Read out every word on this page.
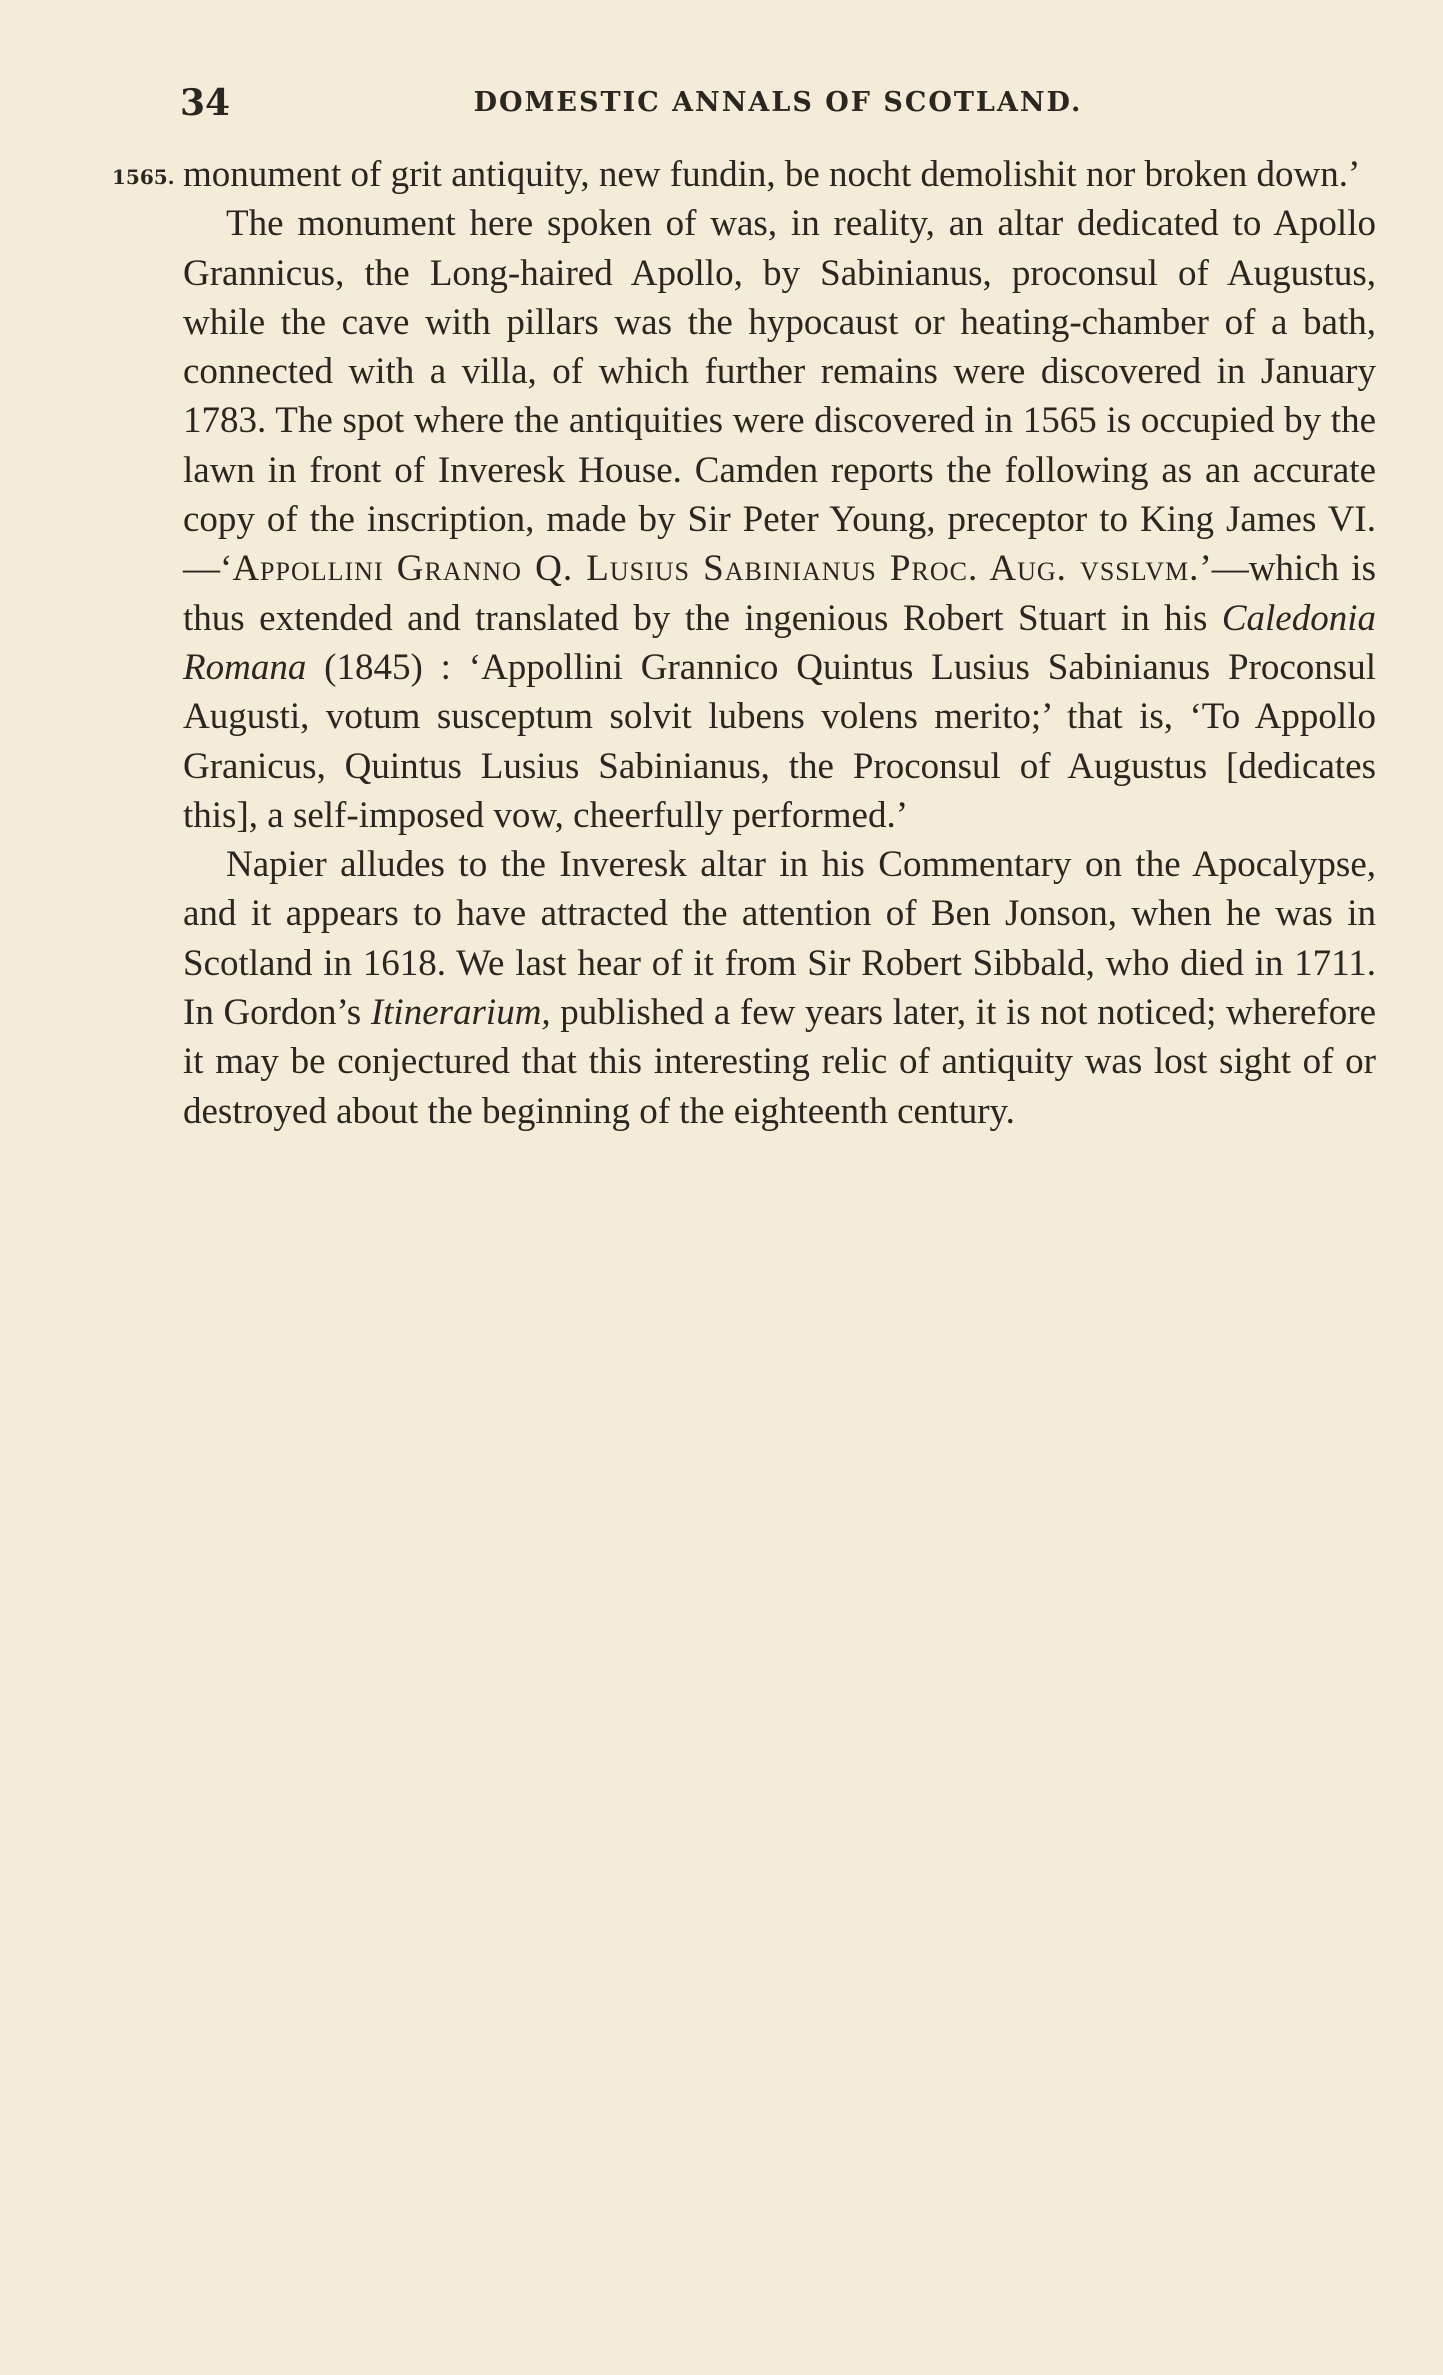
34	DOMESTIC ANNALS OF SCOTLAND.
1565. monument of grit antiquity, new fundin, be nocht demolishit nor broken down.’

The monument here spoken of was, in reality, an altar dedicated to Apollo Grannicus, the Long-haired Apollo, by Sabinianus, proconsul of Augustus, while the cave with pillars was the hypocaust or heating-chamber of a bath, connected with a villa, of which further remains were discovered in January 1783. The spot where the antiquities were discovered in 1565 is occupied by the lawn in front of Inveresk House. Camden reports the following as an accurate copy of the inscription, made by Sir Peter Young, preceptor to King James VI.—‘Appollini Granno Q. Lusius Sabinianus Proc. Aug. vsslvm.’—which is thus extended and translated by the ingenious Robert Stuart in his Caledonia Romana (1845) : ‘Appollini Grannico Quintus Lusius Sabinianus Proconsul Augusti, votum susceptum solvit lubens volens merito;’ that is, ‘To Appollo Granicus, Quintus Lusius Sabinianus, the Proconsul of Augustus [dedicates this], a self-imposed vow, cheerfully performed.’

Napier alludes to the Inveresk altar in his Commentary on the Apocalypse, and it appears to have attracted the attention of Ben Jonson, when he was in Scotland in 1618. We last hear of it from Sir Robert Sibbald, who died in 1711. In Gordon’s Itinerarium, published a few years later, it is not noticed; wherefore it may be conjectured that this interesting relic of antiquity was lost sight of or destroyed about the beginning of the eighteenth century.
